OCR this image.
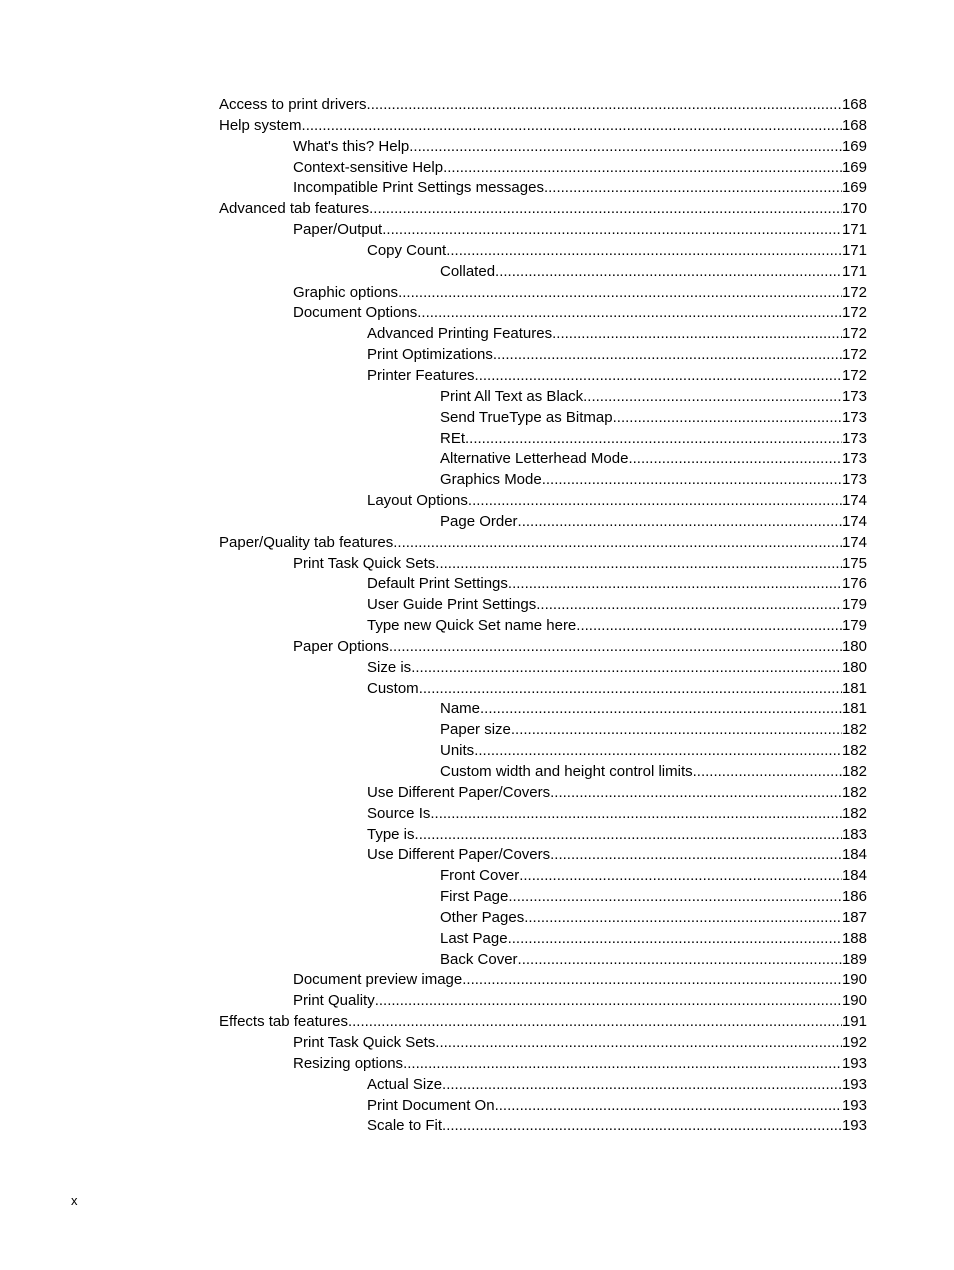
Access to print drivers .....	168
Help system .....	168
What's this? Help .....	169
Context-sensitive Help .....	169
Incompatible Print Settings messages .....	169
Advanced tab features .....	170
Paper/Output .....	171
Copy Count .....	171
Collated .....	171
Graphic options .....	172
Document Options .....	172
Advanced Printing Features .....	172
Print Optimizations .....	172
Printer Features .....	172
Print All Text as Black .....	173
Send TrueType as Bitmap .....	173
REt .....	173
Alternative Letterhead Mode .....	173
Graphics Mode .....	173
Layout Options .....	174
Page Order .....	174
Paper/Quality tab features .....	174
Print Task Quick Sets .....	175
Default Print Settings .....	176
User Guide Print Settings .....	179
Type new Quick Set name here .....	179
Paper Options .....	180
Size is .....	180
Custom .....	181
Name .....	181
Paper size .....	182
Units .....	182
Custom width and height control limits .....	182
Use Different Paper/Covers .....	182
Source Is .....	182
Type is .....	183
Use Different Paper/Covers .....	184
Front Cover .....	184
First Page .....	186
Other Pages .....	187
Last Page .....	188
Back Cover .....	189
Document preview image .....	190
Print Quality .....	190
Effects tab features .....	191
Print Task Quick Sets .....	192
Resizing options .....	193
Actual Size .....	193
Print Document On .....	193
Scale to Fit .....	193
x
